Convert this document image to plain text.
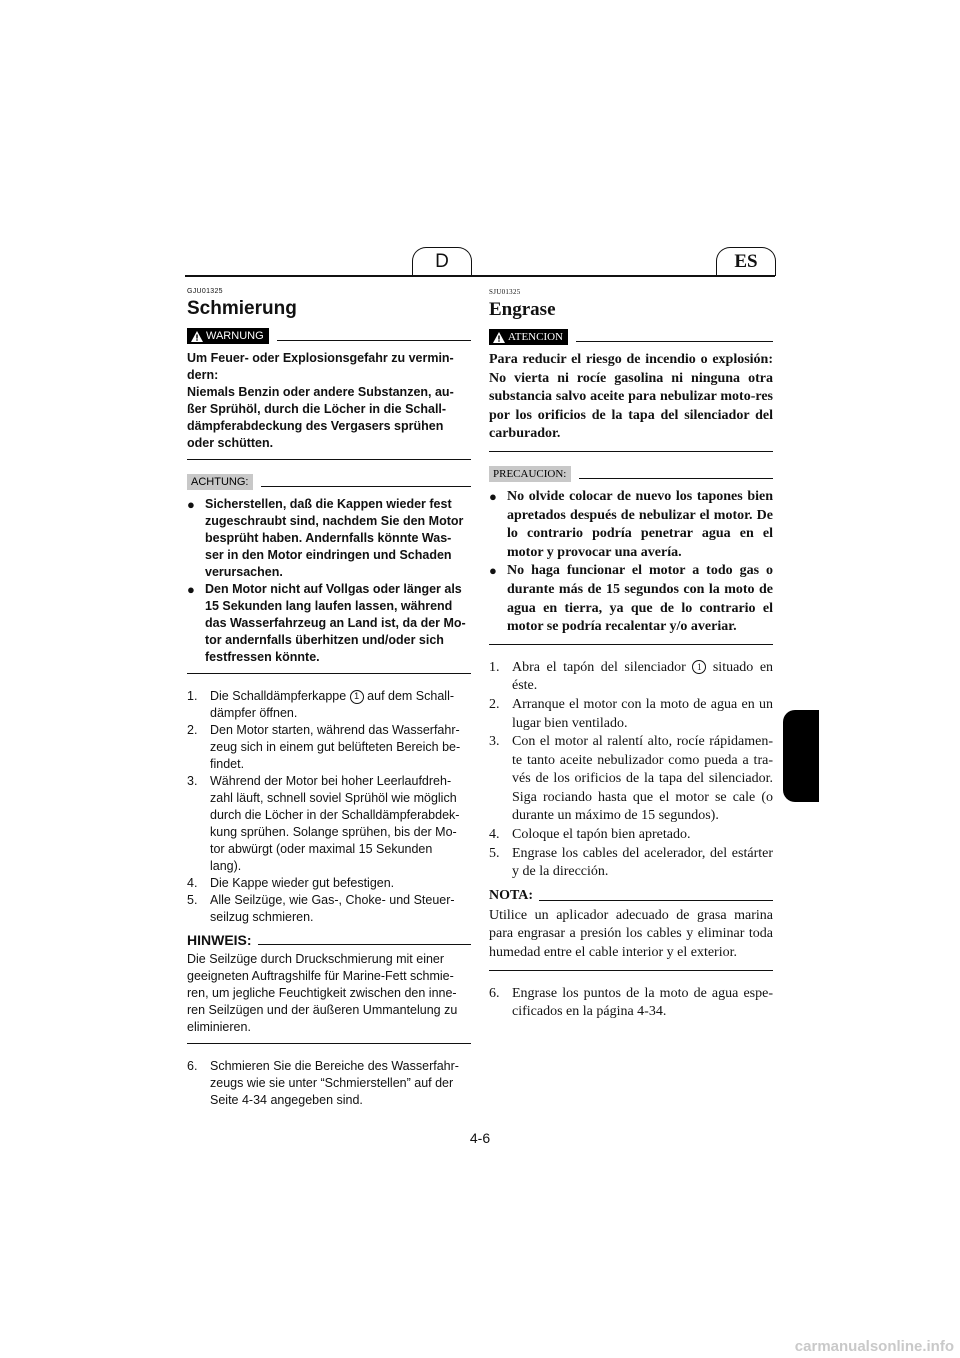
D	ES
GJU01325
Schmierung
WARNUNG
Um Feuer- oder Explosionsgefahr zu vermin-
dern:
Niemals Benzin oder andere Substanzen, au-
ßer Sprühöl, durch die Löcher in die Schall-
dämpferabdeckung des Vergasers sprühen
oder schütten.
ACHTUNG:
● Sicherstellen, daß die Kappen wieder fest
zugeschraubt sind, nachdem Sie den Motor
besprüht haben. Andernfalls könnte Was-
ser in den Motor eindringen und Schaden
verursachen.
● Den Motor nicht auf Vollgas oder länger als
15 Sekunden lang laufen lassen, während
das Wasserfahrzeug an Land ist, da der Mo-
tor andernfalls überhitzen und/oder sich
festfressen könnte.
1.	Die Schalldämpferkappe 1 auf dem Schall-
dämpfer öffnen.
2.	Den Motor starten, während das Wasserfahr-
zeug sich in einem gut belüfteten Bereich be-
findet.
3.	Während der Motor bei hoher Leerlaufdreh-
zahl läuft, schnell soviel Sprühöl wie möglich
durch die Löcher in der Schalldämpferabdek-
kung sprühen. Solange sprühen, bis der Mo-
tor abwürgt (oder maximal 15 Sekunden
lang).
4.	Die Kappe wieder gut befestigen.
5.	Alle Seilzüge, wie Gas-, Choke- und Steuer-
seilzug schmieren.
HINWEIS:
Die Seilzüge durch Druckschmierung mit einer
geeigneten Auftragshilfe für Marine-Fett schmie-
ren, um jegliche Feuchtigkeit zwischen den inne-
ren Seilzügen und der äußeren Ummantelung zu
eliminieren.
6.	Schmieren Sie die Bereiche des Wasserfahr-
zeugs wie sie unter “Schmierstellen” auf der
Seite 4-34 angegeben sind.
SJU01325
Engrase
ATENCION
Para reducir el riesgo de incendio o explosión: No vierta ni rocíe gasolina ni ninguna otra substancia salvo aceite para nebulizar moto-res por los orificios de la tapa del silenciador del carburador.
PRECAUCION:
● No olvide colocar de nuevo los tapones bien apretados después de nebulizar el motor. De lo contrario podría penetrar agua en el motor y provocar una avería.
● No haga funcionar el motor a todo gas o durante más de 15 segundos con la moto de agua en tierra, ya que de lo contrario el motor se podría recalentar y/o averiar.
1. Abra el tapón del silenciador 1 situado en éste.
2. Arranque el motor con la moto de agua en un lugar bien ventilado.
3. Con el motor al ralentí alto, rocíe rápidamen-te tanto aceite nebulizador como pueda a tra-vés de los orificios de la tapa del silenciador. Siga rociando hasta que el motor se cale (o durante un máximo de 15 segundos).
4. Coloque el tapón bien apretado.
5. Engrase los cables del acelerador, del estárter y de la dirección.
NOTA:
Utilice un aplicador adecuado de grasa marina para engrasar a presión los cables y eliminar toda humedad entre el cable interior y el exterior.
6. Engrase los puntos de la moto de agua espe-cificados en la página 4-34.
4-6
carmanualsonline.info
